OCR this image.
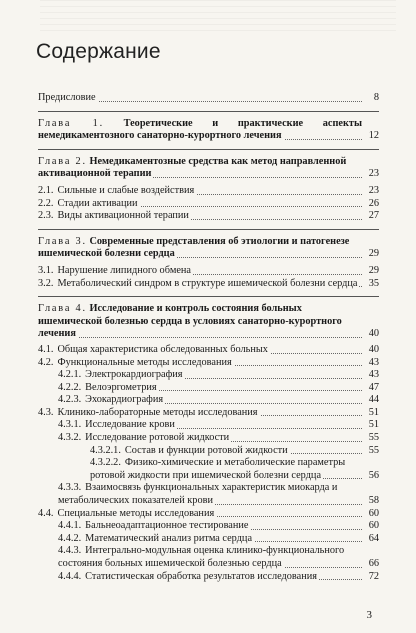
Содержание
Предисловие	8
Глава 1. Теоретические и практические аспекты немедикаментозного санаторно-курортного лечения	12
Глава 2. Немедикаментозные средства как метод направленной активационной терапии	23
2.1. Сильные и слабые воздействия	23
2.2. Стадии активации	26
2.3. Виды активационной терапии	27
Глава 3. Современные представления об этиологии и патогенезе ишемической болезни сердца	29
3.1. Нарушение липидного обмена	29
3.2. Метаболический синдром в структуре ишемической болезни сердца	35
Глава 4. Исследование и контроль состояния больных ишемической болезнью сердца в условиях санаторно-курортного лечения	40
4.1. Общая характеристика обследованных больных	40
4.2. Функциональные методы исследования	43
4.2.1. Электрокардиография	43
4.2.2. Велоэргометрия	47
4.2.3. Эхокардиография	44
4.3. Клинико-лабораторные методы исследования	51
4.3.1. Исследование крови	51
4.3.2. Исследование ротовой жидкости	55
4.3.2.1. Состав и функции ротовой жидкости	55
4.3.2.2. Физико-химические и метаболические параметры ротовой жидкости при ишемической болезни сердца	56
4.3.3. Взаимосвязь функциональных характеристик миокарда и метаболических показателей крови	58
4.4. Специальные методы исследования	60
4.4.1. Бальнеоадаптационное тестирование	60
4.4.2. Математический анализ ритма сердца	64
4.4.3. Интегрально-модульная оценка клинико-функционального состояния больных ишемической болезнью сердца	66
4.4.4. Статистическая обработка результатов исследования	72
3
